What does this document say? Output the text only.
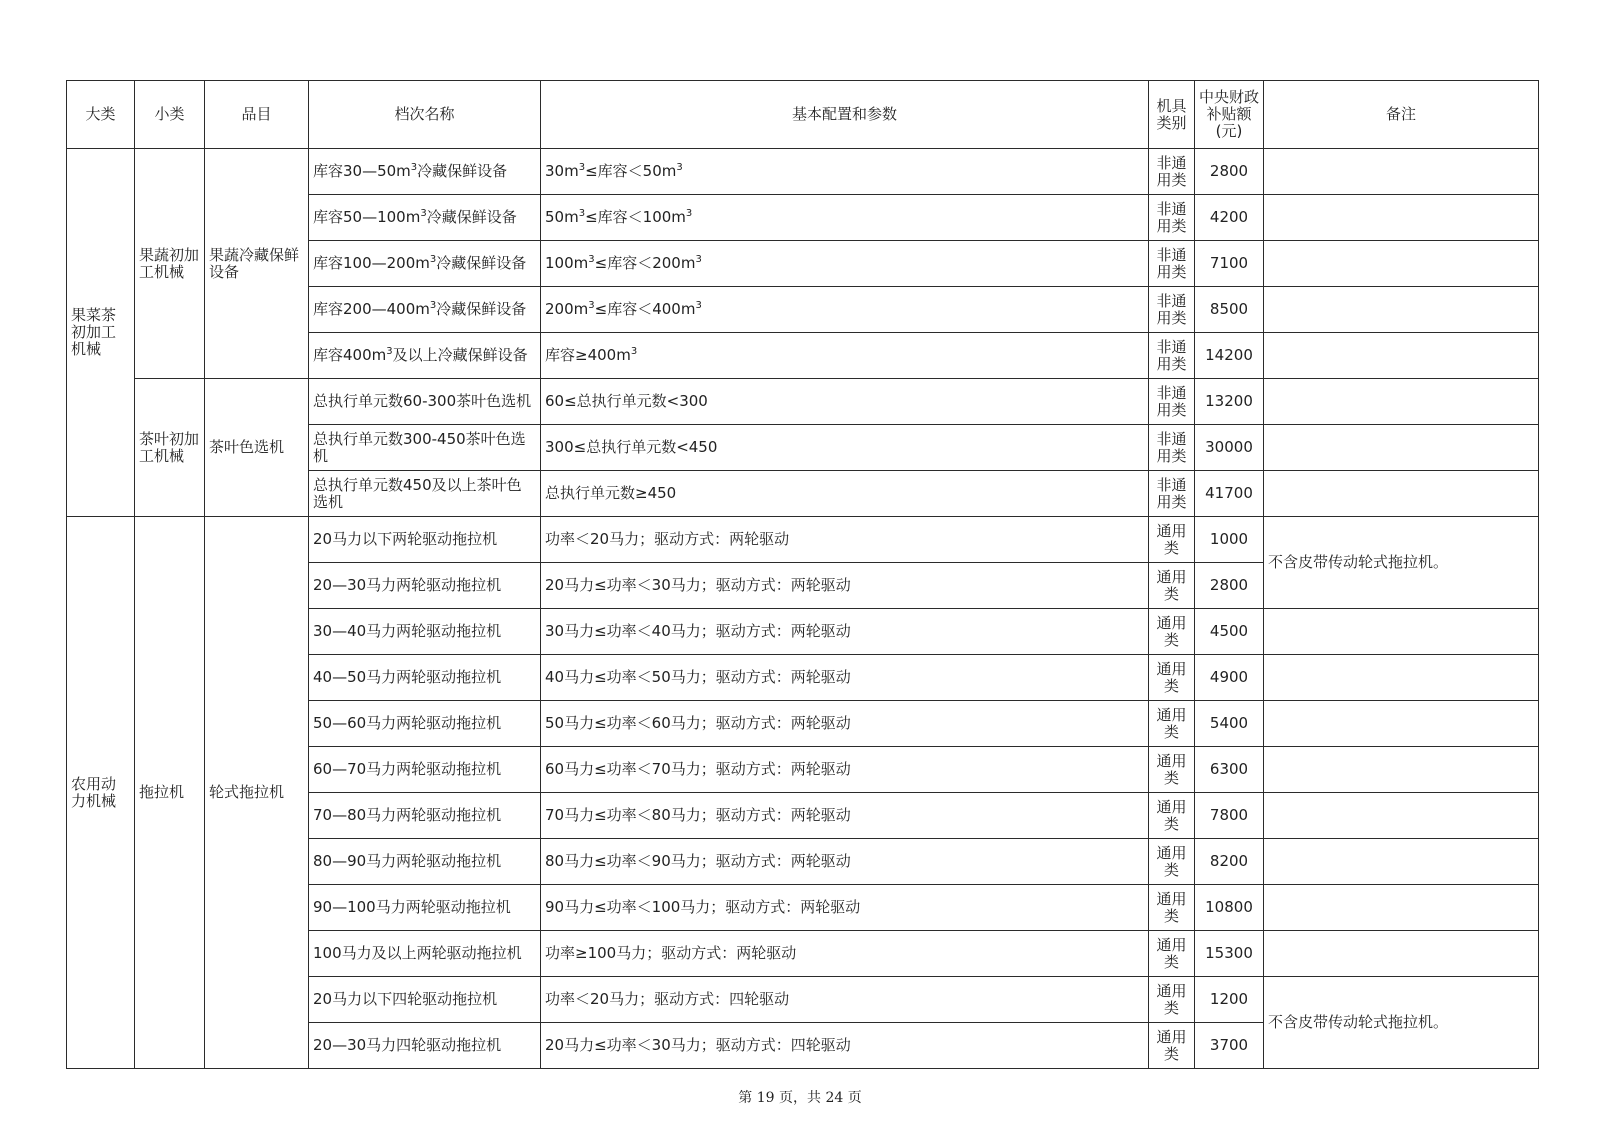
大类	小类	品目	档次名称	基本配置和参数	机具类别	中央财政补贴额(元)	备注
果菜茶初加工机械	果蔬初加工机械	果蔬冷藏保鲜设备	库容$30—50m^3$冷藏保鲜设备	$30m^3\le$库容$<50m^3$	非通用类	2800	
			库容$50—100m^3$冷藏保鲜设备	$50m^3\le$库容$<100m^3$	非通用类	4200	
			库容$100—200m^3$冷藏保鲜设备	$100m^3\le$库容$<200m^3$	非通用类	7100	
			库容$200—400m^3$冷藏保鲜设备	$200m^3\le$库容$<400m^3$	非通用类	8500	
			库容$400m^3$及以上冷藏保鲜设备	库容$\ge 400m^3$	非通用类	14200	
	茶叶初加工机械	茶叶色选机	总执行单元数60-300茶叶色选机	60≤总执行单元数<300	非通用类	13200	
			总执行单元数300-450茶叶色选机	300≤总执行单元数<450	非通用类	30000	
			总执行单元数450及以上茶叶色选机	总执行单元数≥450	非通用类	41700	
农用动力机械	拖拉机	轮式拖拉机	20马力以下两轮驱动拖拉机	功率＜20马力；驱动方式：两轮驱动	通用类	1000	不含皮带传动轮式拖拉机。
			20—30马力两轮驱动拖拉机	20马力≤功率＜30马力；驱动方式：两轮驱动	通用类	2800	
			30—40马力两轮驱动拖拉机	30马力≤功率＜40马力；驱动方式：两轮驱动	通用类	4500	
			40—50马力两轮驱动拖拉机	40马力≤功率＜50马力；驱动方式：两轮驱动	通用类	4900	
			50—60马力两轮驱动拖拉机	50马力≤功率＜60马力；驱动方式：两轮驱动	通用类	5400	
			60—70马力两轮驱动拖拉机	60马力≤功率＜70马力；驱动方式：两轮驱动	通用类	6300	
			70—80马力两轮驱动拖拉机	70马力≤功率＜80马力；驱动方式：两轮驱动	通用类	7800	
			80—90马力两轮驱动拖拉机	80马力≤功率＜90马力；驱动方式：两轮驱动	通用类	8200	
			90—100马力两轮驱动拖拉机	90马力≤功率＜100马力；驱动方式：两轮驱动	通用类	10800	
			100马力及以上两轮驱动拖拉机	功率≥100马力；驱动方式：两轮驱动	通用类	15300	
			20马力以下四轮驱动拖拉机	功率＜20马力；驱动方式：四轮驱动	通用类	1200	不含皮带传动轮式拖拉机。
			20—30马力四轮驱动拖拉机	20马力≤功率＜30马力；驱动方式：四轮驱动	通用类	3700	
第 19 页，共 24 页
